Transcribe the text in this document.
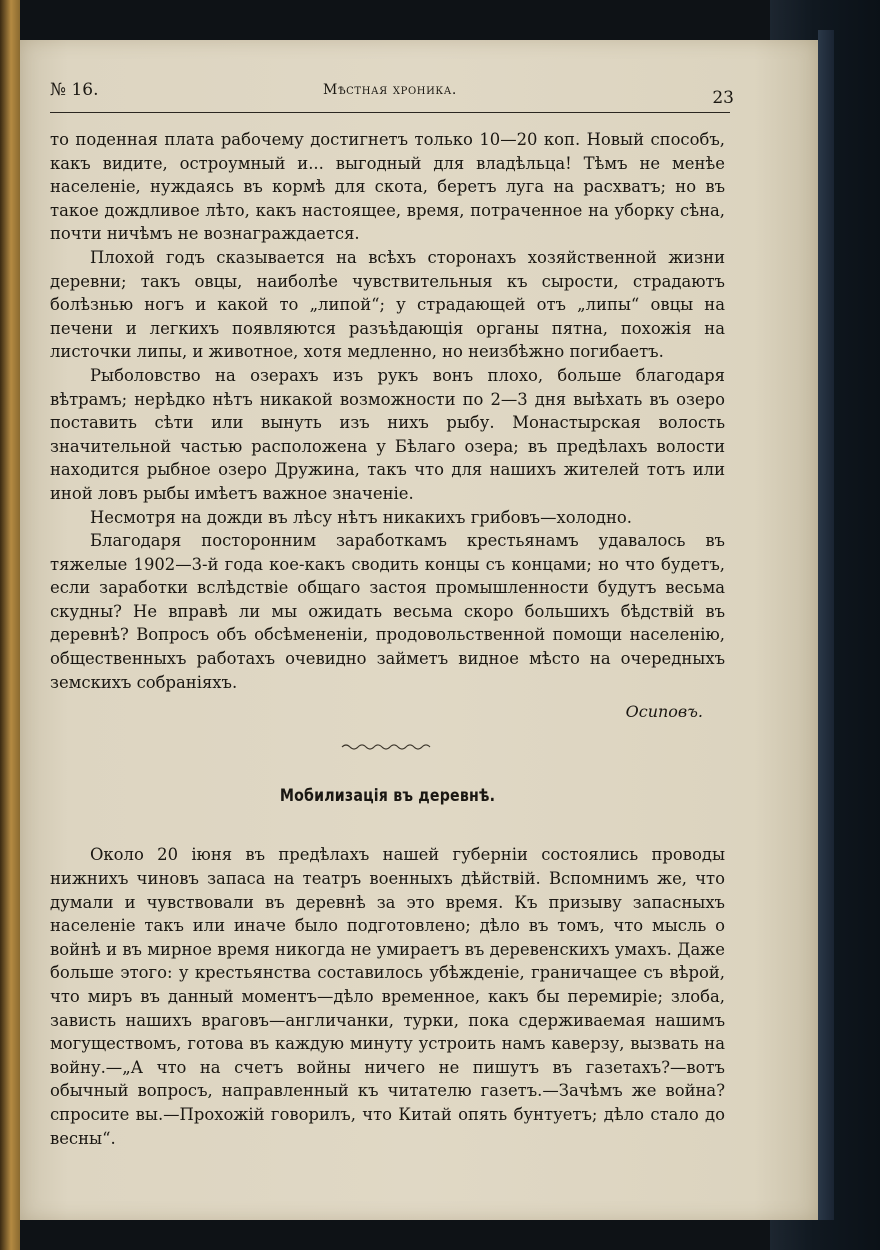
№ 16.	Мѣстная хроника.	23

то поденная плата рабочему достигнетъ только 10—20 коп. Новый способъ, какъ видите, остроумный и... выгодный для владѣльца! Тѣмъ не менѣе населеніе, нуждаясь въ кормѣ для скота, беретъ луга на расхватъ; но въ такое дождливое лѣто, какъ настоящее, время, потраченное на уборку сѣна, почти ничѣмъ не вознаграждается.

Плохой годъ сказывается на всѣхъ сторонахъ хозяйственной жизни деревни; такъ овцы, наиболѣе чувствительныя къ сырости, страдаютъ болѣзнью ногъ и какой то „липой“; у страдающей отъ „липы“ овцы на печени и легкихъ появляются разъѣдающія органы пятна, похожія на листочки липы, и животное, хотя медленно, но неизбѣжно погибаетъ.

Рыболовство на озерахъ изъ рукъ вонъ плохо, больше благодаря вѣтрамъ; нерѣдко нѣтъ никакой возможности по 2—3 дня выѣхать въ озеро поставить сѣти или вынуть изъ нихъ рыбу. Монастырская волость значительной частью расположена у Бѣлаго озера; въ предѣлахъ волости находится рыбное озеро Дружина, такъ что для нашихъ жителей тотъ или иной ловъ рыбы имѣетъ важное значеніе.

Несмотря на дожди въ лѣсу нѣтъ никакихъ грибовъ—холодно.

Благодаря посторонним заработкамъ крестьянамъ удавалось въ тяжелые 1902—3-й года кое-какъ сводить концы съ концами; но что будетъ, если заработки вслѣдствіе общаго застоя промышленности будутъ весьма скудны? Не вправѣ ли мы ожидать весьма скоро большихъ бѣдствій въ деревнѣ? Вопросъ объ обсѣмененіи, продовольственной помощи населенію, общественныхъ работахъ очевидно займетъ видное мѣсто на очередныхъ земскихъ собраніяхъ.

Осиповъ.
Мобилизація въ деревнѣ.

Около 20 іюня въ предѣлахъ нашей губерніи состоялись проводы нижнихъ чиновъ запаса на театръ военныхъ дѣйствій. Вспомнимъ же, что думали и чувствовали въ деревнѣ за это время. Къ призыву запасныхъ населеніе такъ или иначе было подготовлено; дѣло въ томъ, что мысль о войнѣ и въ мирное время никогда не умираетъ въ деревенскихъ умахъ. Даже больше этого: у крестьянства составилось убѣжденіе, граничащее съ вѣрой, что миръ въ данный моментъ—дѣло временное, какъ бы перемиріе; злоба, зависть нашихъ враговъ—англичанки, турки, пока сдерживаемая нашимъ могуществомъ, готова въ каждую минуту устроить намъ каверзу, вызвать на войну.—„А что на счетъ войны ничего не пишутъ въ газетахъ?—вотъ обычный вопросъ, направленный къ читателю газетъ.—Зачѣмъ же война? спросите вы.—Прохожій говорилъ, что Китай опять бунтуетъ; дѣло стало до весны“.
